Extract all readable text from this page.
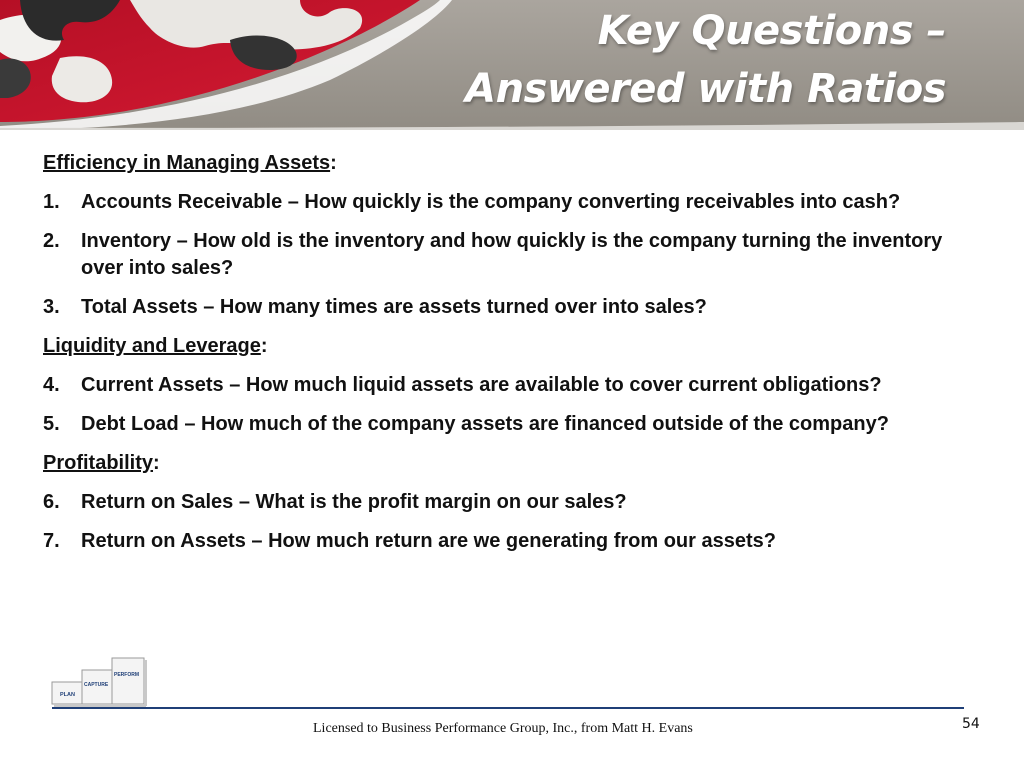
Key Questions –
Answered with Ratios
Efficiency in Managing Assets:
1. Accounts Receivable – How quickly is the company converting receivables into cash?
2. Inventory – How old is the inventory and how quickly is the company turning the inventory over into sales?
3. Total Assets – How many times are assets turned over into sales?
Liquidity and Leverage:
4. Current Assets – How much liquid assets are available to cover current obligations?
5. Debt Load – How much of the company assets are financed outside of the company?
Profitability:
6. Return on Sales – What is the profit margin on our sales?
7. Return on Assets – How much return are we generating from our assets?
PLAN
CAPTURE
PERFORM
Licensed to Business Performance Group, Inc., from Matt H. Evans	54
